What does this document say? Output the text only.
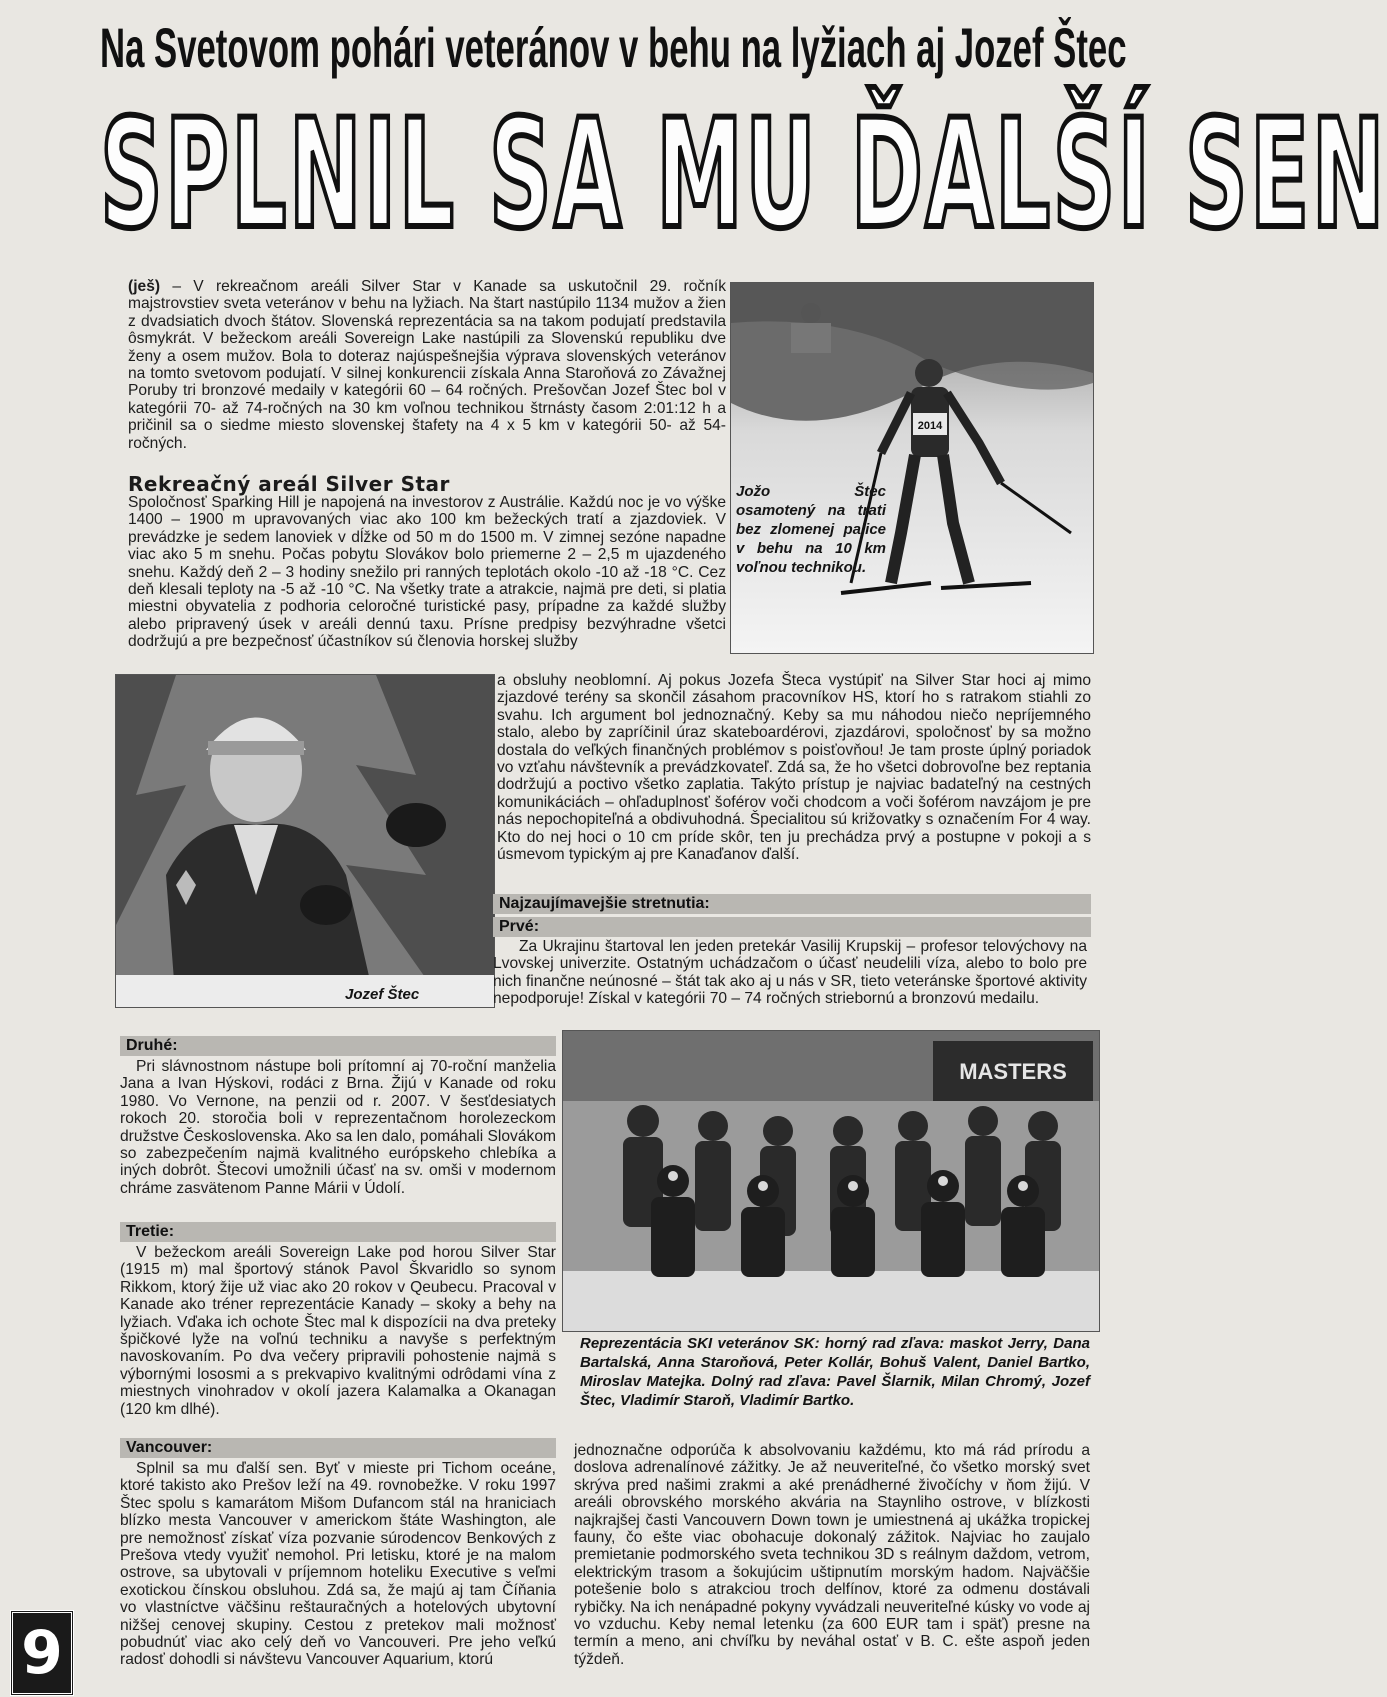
Na Svetovom pohári veteránov v behu na lyžiach aj Jozef Štec
SPLNIL SA MU ĎALŠÍ SEN
(ješ) – V rekreačnom areáli Silver Star v Kanade sa uskutočnil 29. ročník majstrovstiev sveta veteránov v behu na lyžiach. Na štart nastúpilo 1134 mužov a žien z dvadsiatich dvoch štátov. Slovenská reprezentácia sa na takom podujatí predstavila ôsmykrát. V bežeckom areáli Sovereign Lake nastúpili za Slovenskú republiku dve ženy a osem mužov. Bola to doteraz najúspešnejšia výprava slovenských veteránov na tomto svetovom podujatí. V silnej konkurencii získala Anna Staroňová zo Závažnej Poruby tri bronzové medaily v kategórii 60 – 64 ročných. Prešovčan Jozef Štec bol v kategórii 70- až 74-ročných na 30 km voľnou technikou štrnásty časom 2:01:12 h a pričinil sa o siedme miesto slovenskej štafety na 4 x 5 km v kategórii 50- až 54-ročných.
2014
Jožo Štec osamotený na trati bez zlomenej palice v behu na 10 km voľnou technikou.
Rekreačný areál Silver Star
Spoločnosť Sparking Hill je napojená na investorov z Austrálie. Každú noc je vo výške 1400 – 1900 m upravovaných viac ako 100 km bežeckých tratí a zjazdoviek. V prevádzke je sedem lanoviek v dĺžke od 50 m do 1500 m. V zimnej sezóne napadne viac ako 5 m snehu. Počas pobytu Slovákov bolo priemerne 2 – 2,5 m ujazdeného snehu. Každý deň 2 – 3 hodiny snežilo pri ranných teplotách okolo -10 až -18 °C. Cez deň klesali teploty na -5 až -10 °C. Na všetky trate a atrakcie, najmä pre deti, si platia miestni obyvatelia z podhoria celoročné turistické pasy, prípadne za každé služby alebo pripravený úsek v areáli dennú taxu. Prísne predpisy bezvýhradne všetci dodržujú a pre bezpečnosť účastníkov sú členovia horskej služby
Jozef Štec
a obsluhy neoblomní. Aj pokus Jozefa Šteca vystúpiť na Silver Star hoci aj mimo zjazdové terény sa skončil zásahom pracovníkov HS, ktorí ho s ratrakom stiahli zo svahu. Ich argument bol jednoznačný. Keby sa mu náhodou niečo nepríjemného stalo, alebo by zapríčinil úraz skateboardérovi, zjazdárovi, spoločnosť by sa možno dostala do veľkých finančných problémov s poisťovňou! Je tam proste úplný poriadok vo vzťahu návštevník a prevádzkovateľ. Zdá sa, že ho všetci dobrovoľne bez reptania dodržujú a poctivo všetko zaplatia. Takýto prístup je najviac badateľný na cestných komunikáciách – ohľaduplnosť šoférov voči chodcom a voči šoférom navzájom je pre nás nepochopiteľná a obdivuhodná. Špecialitou sú križovatky s označením For 4 way. Kto do nej hoci o 10 cm príde skôr, ten ju prechádza prvý a postupne v pokoji a s úsmevom typickým aj pre Kanaďanov ďalší.
Najzaujímavejšie stretnutia:
Prvé:
Za Ukrajinu štartoval len jeden pretekár Vasilij Krupskij – profesor telovýchovy na Lvovskej univerzite. Ostatným uchádzačom o účasť neudelili víza, alebo to bolo pre nich finančne neúnosné – štát tak ako aj u nás v SR, tieto veteránske športové aktivity nepodporuje! Získal v kategórii 70 – 74 ročných striebornú a bronzovú medailu.
Druhé:
Pri slávnostnom nástupe boli prítomní aj 70-roční manželia Jana a Ivan Hýskovi, rodáci z Brna. Žijú v Kanade od roku 1980. Vo Vernone, na penzii od r. 2007. V šesťdesiatych rokoch 20. storočia boli v reprezentačnom horolezeckom družstve Československa. Ako sa len dalo, pomáhali Slovákom so zabezpečením najmä kvalitného európskeho chlebíka a iných dobrôt. Štecovi umožnili účasť na sv. omši v modernom chráme zasvätenom Panne Márii v Údolí.
Tretie:
V bežeckom areáli Sovereign Lake pod horou Silver Star (1915 m) mal športový stánok Pavol Škvaridlo so synom Rikkom, ktorý žije už viac ako 20 rokov v Qeubecu. Pracoval v Kanade ako tréner reprezentácie Kanady – skoky a behy na lyžiach. Vďaka ich ochote Štec mal k dispozícii na dva preteky špičkové lyže na voľnú techniku a navyše s perfektným navoskovaním. Po dva večery pripravili pohostenie najmä s výbornými lososmi a s prekvapivo kvalitnými odrôdami vína z miestnych vinohradov v okolí jazera Kalamalka a Okanagan (120 km dlhé).
MASTERS
Reprezentácia SKI veteránov SK: horný rad zľava: maskot Jerry, Dana Bartalská, Anna Staroňová, Peter Kollár, Bohuš Valent, Daniel Bartko, Miroslav Matejka. Dolný rad zľava: Pavel Šlarnik, Milan Chromý, Jozef Štec, Vladimír Staroň, Vladimír Bartko.
Vancouver:
Splnil sa mu ďalší sen. Byť v mieste pri Tichom oceáne, ktoré takisto ako Prešov leží na 49. rovnobežke. V roku 1997 Štec spolu s kamarátom Mišom Dufancom stál na hraniciach blízko mesta Vancouver v americkom štáte Washington, ale pre nemožnosť získať víza pozvanie súrodencov Benkových z Prešova vtedy využiť nemohol. Pri letisku, ktoré je na malom ostrove, sa ubytovali v príjemnom hoteliku Executive s veľmi exotickou čínskou obsluhou. Zdá sa, že majú aj tam Číňania vo vlastníctve väčšinu reštauračných a hotelových ubytovní nižšej cenovej skupiny. Cestou z pretekov mali možnosť pobudnúť viac ako celý deň vo Vancouveri. Pre jeho veľkú radosť dohodli si návštevu Vancouver Aquarium, ktorú
jednoznačne odporúča k absolvovaniu každému, kto má rád prírodu a doslova adrenalínové zážitky. Je až neuveriteľné, čo všetko morský svet skrýva pred našimi zrakmi a aké prenádherné živočíchy v ňom žijú. V areáli obrovského morského akvária na Staynliho ostrove, v blízkosti najkrajšej časti Vancouvern Down town je umiestnená aj ukážka tropickej fauny, čo ešte viac obohacuje dokonalý zážitok. Najviac ho zaujalo premietanie podmorského sveta technikou 3D s reálnym daždom, vetrom, elektrickým trasom a šokujúcim uštipnutím morským hadom. Najväčšie potešenie bolo s atrakciou troch delfínov, ktoré za odmenu dostávali rybičky. Na ich nenápadné pokyny vyvádzali neuveriteľné kúsky vo vode aj vo vzduchu. Keby nemal letenku (za 600 EUR tam i späť) presne na termín a meno, ani chvíľku by neváhal ostať v B. C. ešte aspoň jeden týždeň.
9
